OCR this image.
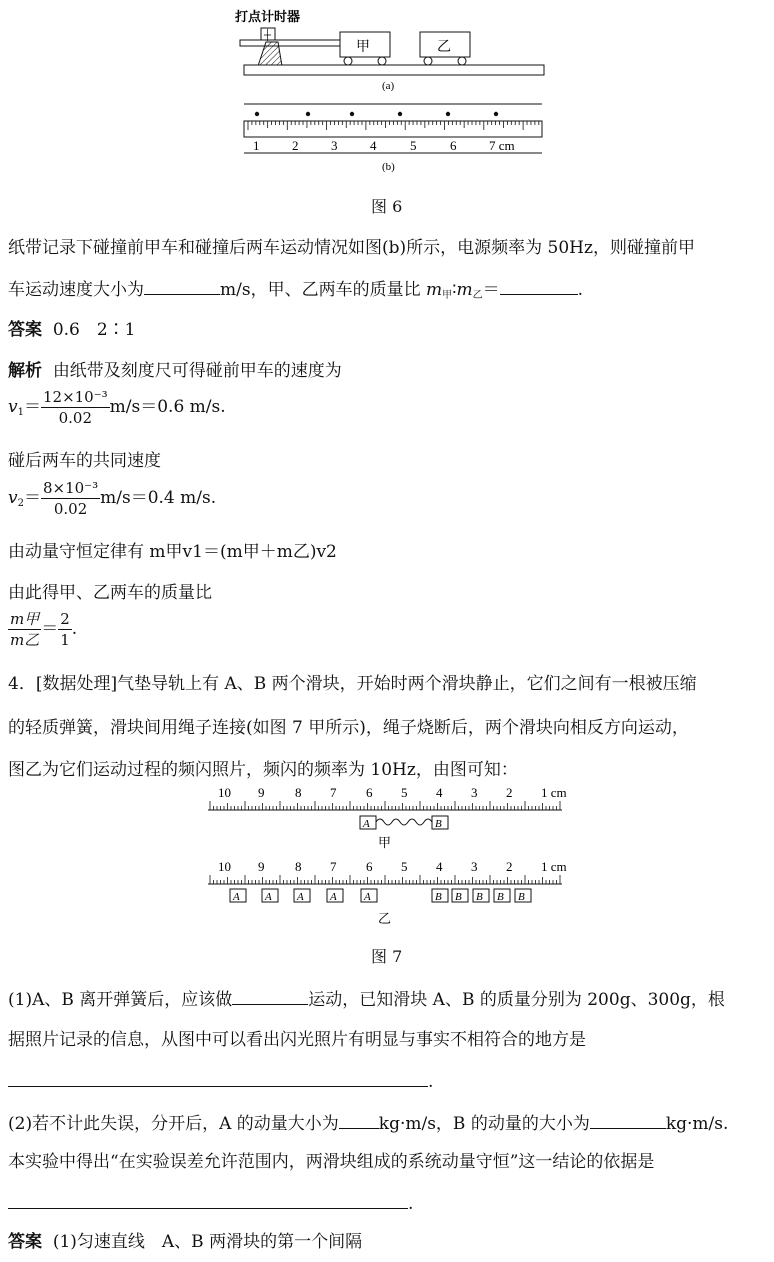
打点计时器
┼
甲	乙
(a)
1	2	3	4	5	6	7 cm
(b)
图 6
纸带记录下碰撞前甲车和碰撞后两车运动情况如图(b)所示，电源频率为 50Hz，则碰撞前甲
车运动速度大小为	m/s，甲、乙两车的质量比 $m_甲∶m_乙=$	.
答案 0.6　2∶1
解析 由纸带及刻度尺可得碰前甲车的速度为
$v_1= \frac{\text{12×10⁻³}}{0.02} m/s=0.6$ m/s.
碰后两车的共同速度
$v_2= \frac{\text{8×10⁻³}}{0.02} m/s=0.4$ m/s.
由动量守恒定律有 m甲v1＝(m甲＋m乙)v2
由此得甲、乙两车的质量比
$\frac{\text{m甲}}{\text{m乙}} = \frac{2}{1}$ .
4．[数据处理]气垫导轨上有 A、B 两个滑块，开始时两个滑块静止，它们之间有一根被压缩
的轻质弹簧，滑块间用绳子连接(如图 7 甲所示)，绳子烧断后，两个滑块向相反方向运动，
图乙为它们运动过程的频闪照片，频闪的频率为 10Hz，由图可知：
10 9 8 7 6 5 4 3 2 1 cm
A	B
甲
10 9 8 7 6 5 4 3 2 1 cm
A A A A A	B B B B B
乙
图 7
(1)A、B 离开弹簧后，应该做	运动，已知滑块 A、B 的质量分别为 200g、300g，根
据照片记录的信息，从图中可以看出闪光照片有明显与事实不相符合的地方是
.
(2)若不计此失误，分开后，A 的动量大小为 kg·m/s，B 的动量的大小为	kg·m/s.
本实验中得出“在实验误差允许范围内，两滑块组成的系统动量守恒”这一结论的依据是
.
答案 (1)匀速直线　A、B 两滑块的第一个间隔
